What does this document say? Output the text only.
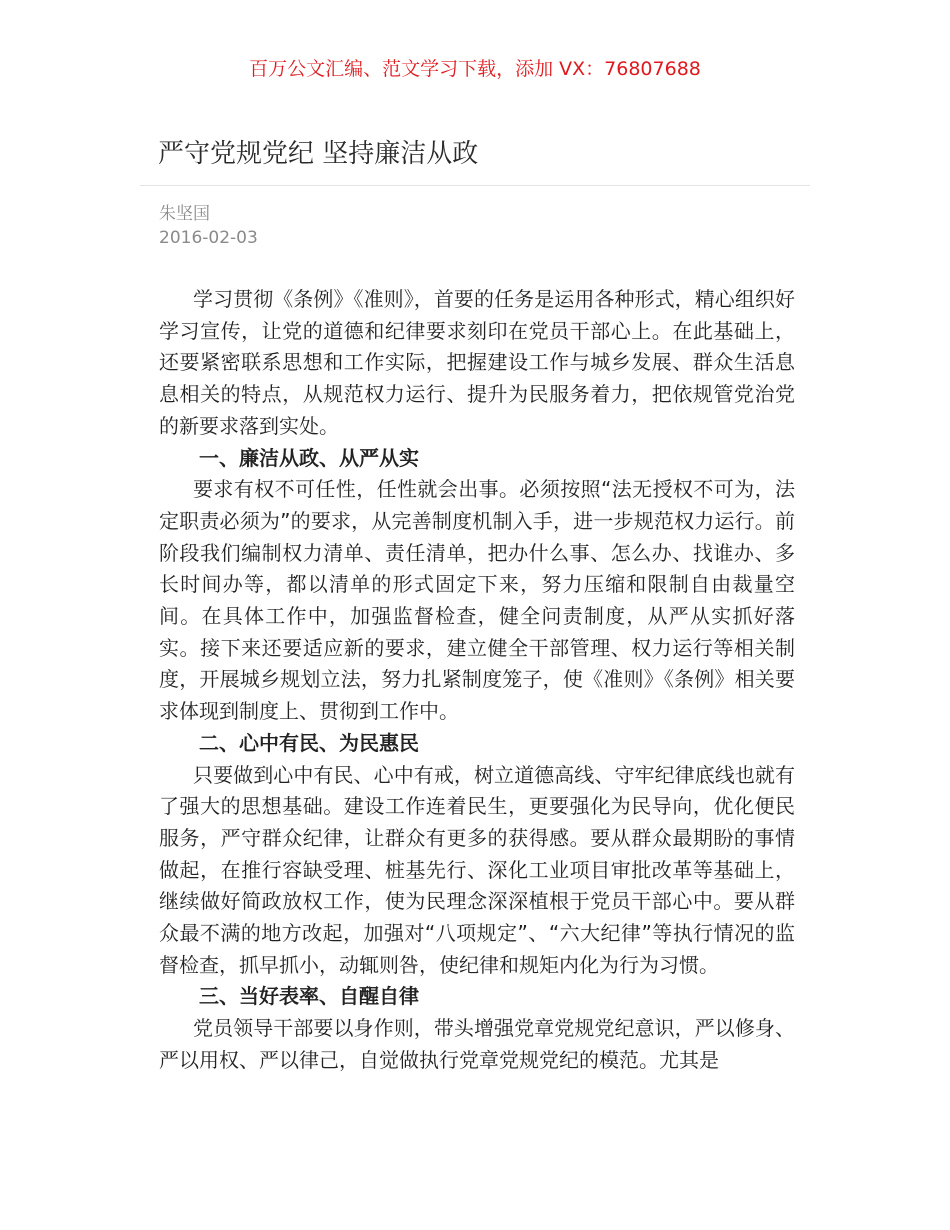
百万公文汇编、范文学习下载，添加 VX：76807688
严守党规党纪 坚持廉洁从政
朱坚国
2016-02-03

学习贯彻《条例》《准则》，首要的任务是运用各种形式，精心组织好学习宣传，让党的道德和纪律要求刻印在党员干部心上。在此基础上，还要紧密联系思想和工作实际，把握建设工作与城乡发展、群众生活息息相关的特点，从规范权力运行、提升为民服务着力，把依规管党治党的新要求落到实处。

一、廉洁从政、从严从实

要求有权不可任性，任性就会出事。必须按照“法无授权不可为，法定职责必须为”的要求，从完善制度机制入手，进一步规范权力运行。前阶段我们编制权力清单、责任清单，把办什么事、怎么办、找谁办、多长时间办等，都以清单的形式固定下来，努力压缩和限制自由裁量空间。在具体工作中，加强监督检查，健全问责制度，从严从实抓好落实。接下来还要适应新的要求，建立健全干部管理、权力运行等相关制度，开展城乡规划立法，努力扎紧制度笼子，使《准则》《条例》相关要求体现到制度上、贯彻到工作中。

二、心中有民、为民惠民

只要做到心中有民、心中有戒，树立道德高线、守牢纪律底线也就有了强大的思想基础。建设工作连着民生，更要强化为民导向，优化便民服务，严守群众纪律，让群众有更多的获得感。要从群众最期盼的事情做起，在推行容缺受理、桩基先行、深化工业项目审批改革等基础上，继续做好简政放权工作，使为民理念深深植根于党员干部心中。要从群众最不满的地方改起，加强对“八项规定”、“六大纪律”等执行情况的监督检查，抓早抓小，动辄则咎，使纪律和规矩内化为行为习惯。

三、当好表率、自醒自律

党员领导干部要以身作则，带头增强党章党规党纪意识，严以修身、严以用权、严以律己，自觉做执行党章党规党纪的模范。尤其是
